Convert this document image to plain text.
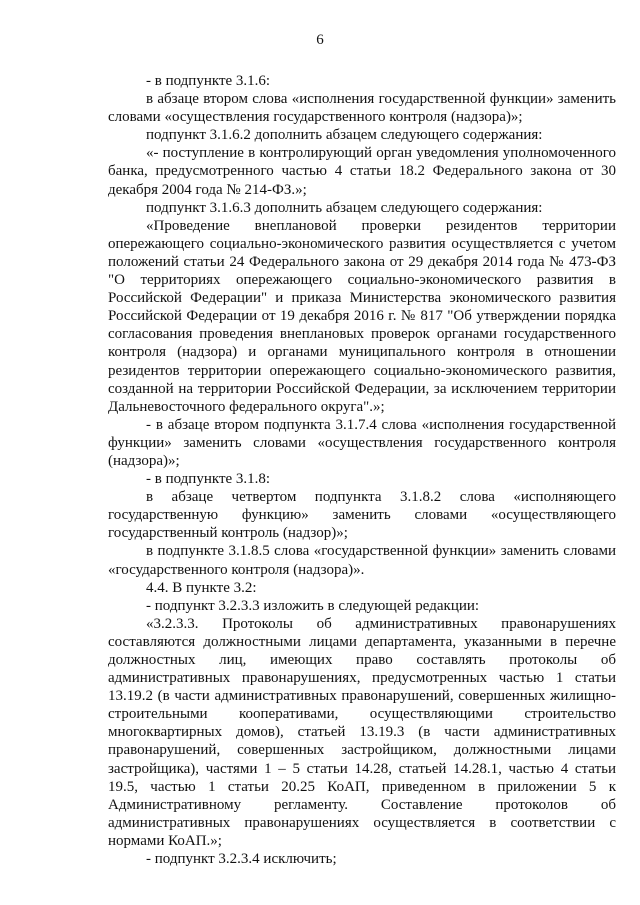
6

- в подпункте 3.1.6:

в абзаце втором слова «исполнения государственной функции» заменить словами «осуществления государственного контроля (надзора)»;

подпункт 3.1.6.2 дополнить абзацем следующего содержания:

«- поступление в контролирующий орган уведомления уполномоченного банка, предусмотренного частью 4 статьи 18.2 Федерального закона от 30 декабря 2004 года № 214-ФЗ.»;

подпункт 3.1.6.3 дополнить абзацем следующего содержания:

«Проведение внеплановой проверки резидентов территории опережающего социально-экономического развития осуществляется с учетом положений статьи 24 Федерального закона от 29 декабря 2014 года № 473-ФЗ "О территориях опережающего социально-экономического развития в Российской Федерации" и приказа Министерства экономического развития Российской Федерации от 19 декабря 2016 г. № 817 "Об утверждении порядка согласования проведения внеплановых проверок органами государственного контроля (надзора) и органами муниципального контроля в отношении резидентов территории опережающего социально-экономического развития, созданной на территории Российской Федерации, за исключением территории Дальневосточного федерального округа".»;

- в абзаце втором подпункта 3.1.7.4 слова «исполнения государственной функции» заменить словами «осуществления государственного контроля (надзора)»;

- в подпункте 3.1.8:

в абзаце четвертом подпункта 3.1.8.2 слова «исполняющего государственную функцию» заменить словами «осуществляющего государственный контроль (надзор)»;

в подпункте 3.1.8.5 слова «государственной функции» заменить словами «государственного контроля (надзора)».

4.4. В пункте 3.2:

- подпункт 3.2.3.3 изложить в следующей редакции:

«3.2.3.3. Протоколы об административных правонарушениях составляются должностными лицами департамента, указанными в перечне должностных лиц, имеющих право составлять протоколы об административных правонарушениях, предусмотренных частью 1 статьи 13.19.2 (в части административных правонарушений, совершенных жилищно-строительными кооперативами, осуществляющими строительство многоквартирных домов), статьей 13.19.3 (в части административных правонарушений, совершенных застройщиком, должностными лицами застройщика), частями 1 – 5 статьи 14.28, статьей 14.28.1, частью 4 статьи 19.5, частью 1 статьи 20.25 КоАП, приведенном в приложении 5 к Административному регламенту. Составление протоколов об административных правонарушениях осуществляется в соответствии с нормами КоАП.»;

- подпункт 3.2.3.4 исключить;
